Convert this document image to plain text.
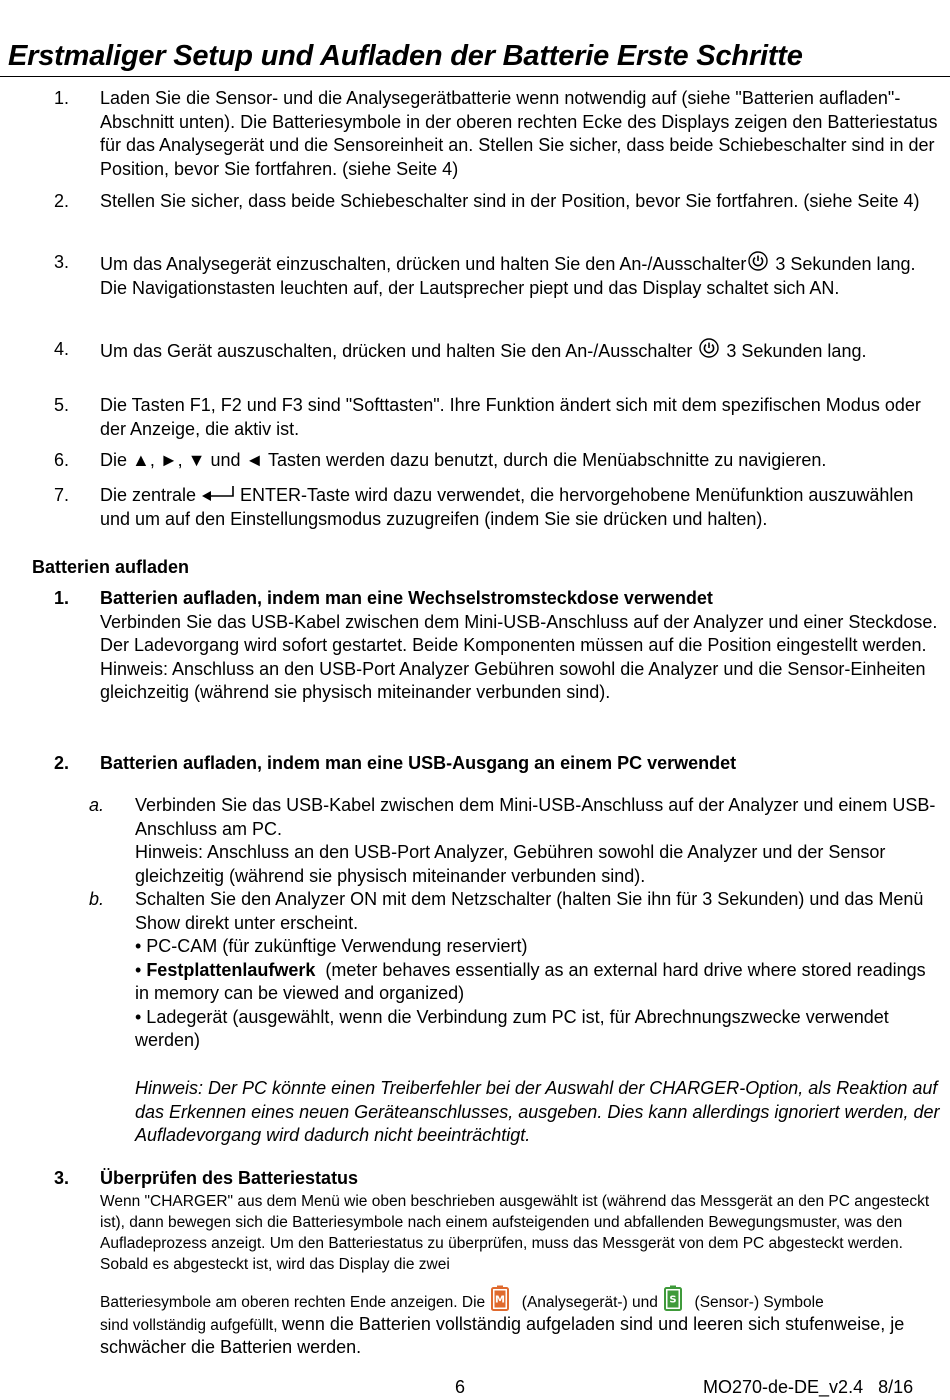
Erstmaliger Setup und Aufladen der Batterie Erste Schritte
1. Laden Sie die Sensor- und die Analysegerätbatterie wenn notwendig auf (siehe "Batterien aufladen"-Abschnitt unten). Die Batteriesymbole in der oberen rechten Ecke des Displays zeigen den Batteriestatus für das Analysegerät und die Sensoreinheit an. Stellen Sie sicher, dass beide Schiebeschalter sind in der Position, bevor Sie fortfahren. (siehe Seite 4)
2. Stellen Sie sicher, dass beide Schiebeschalter sind in der Position, bevor Sie fortfahren. (siehe Seite 4)
3. Um das Analysegerät einzuschalten, drücken und halten Sie den An-/Ausschalter 3 Sekunden lang. Die Navigationstasten leuchten auf, der Lautsprecher piept und das Display schaltet sich AN.
4. Um das Gerät auszuschalten, drücken und halten Sie den An-/Ausschalter  3 Sekunden lang.
5. Die Tasten F1, F2 und F3 sind "Softtasten". Ihre Funktion ändert sich mit dem spezifischen Modus oder der Anzeige, die aktiv ist.
6. Die ▲, ►, ▼ und ◄ Tasten werden dazu benutzt, durch die Menüabschnitte zu navigieren.
7. Die zentrale ENTER-Taste wird dazu verwendet, die hervorgehobene Menüfunktion auszuwählen und um auf den Einstellungsmodus zuzugreifen (indem Sie sie drücken und halten).
Batterien aufladen
1. Batterien aufladen, indem man eine Wechselstromsteckdose verwendet
Verbinden Sie das USB-Kabel zwischen dem Mini-USB-Anschluss auf der Analyzer und einer Steckdose. Der Ladevorgang wird sofort gestartet. Beide Komponenten müssen auf die Position eingestellt werden.
Hinweis: Anschluss an den USB-Port Analyzer Gebühren sowohl die Analyzer und die Sensor-Einheiten gleichzeitig (während sie physisch miteinander verbunden sind).
2. Batterien aufladen, indem man eine USB-Ausgang an einem PC verwendet
a. Verbinden Sie das USB-Kabel zwischen dem Mini-USB-Anschluss auf der Analyzer und einem USB-Anschluss am PC.
Hinweis: Anschluss an den USB-Port Analyzer, Gebühren sowohl die Analyzer und der Sensor gleichzeitig (während sie physisch miteinander verbunden sind).
b. Schalten Sie den Analyzer ON mit dem Netzschalter (halten Sie ihn für 3 Sekunden) und das Menü Show direkt unter erscheint.
• PC-CAM (für zukünftige Verwendung reserviert)
• Festplattenlaufwerk  (meter behaves essentially as an external hard drive where stored readings in memory can be viewed and organized)
• Ladegerät (ausgewählt, wenn die Verbindung zum PC ist, für Abrechnungszwecke verwendet werden)
Hinweis: Der PC könnte einen Treiberfehler bei der Auswahl der CHARGER-Option, als Reaktion auf das Erkennen eines neuen Geräteanschlusses, ausgeben. Dies kann allerdings ignoriert werden, der Aufladevorgang wird dadurch nicht beeinträchtigt.
3. Überprüfen des Batteriestatus
Wenn "CHARGER" aus dem Menü wie oben beschrieben ausgewählt ist (während das Messgerät an den PC angesteckt ist), dann bewegen sich die Batteriesymbole nach einem aufsteigenden und abfallenden Bewegungsmuster, was den Aufladeprozess anzeigt. Um den Batteriestatus zu überprüfen, muss das Messgerät von dem PC abgesteckt werden. Sobald es abgesteckt ist, wird das Display die zwei
Batteriesymbole am oberen rechten Ende anzeigen. Die M (Analysegerät-) und S (Sensor-) Symbole
sind vollständig aufgefüllt, wenn die Batterien vollständig aufgeladen sind und leeren sich stufenweise, je schwächer die Batterien werden.
6	MO270-de-DE_v2.4   8/16
